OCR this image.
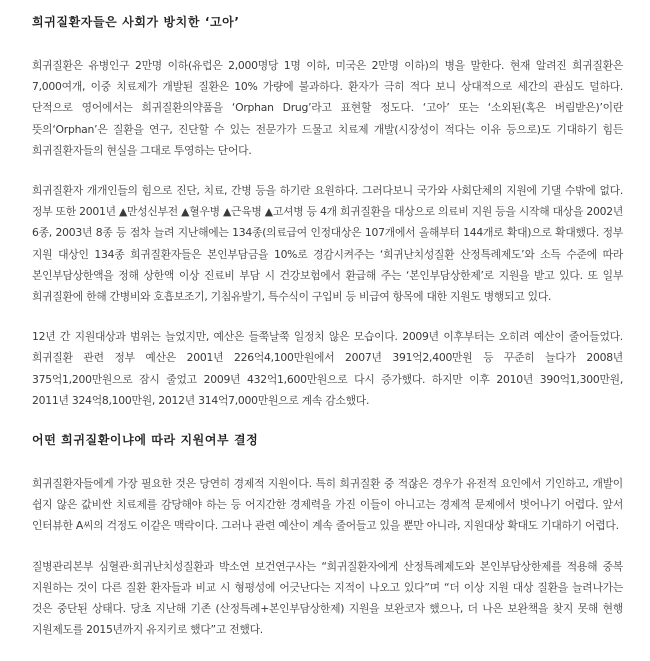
희귀질환자들은 사회가 방치한 ‘고아’

희귀질환은 유병인구 2만명 이하(유럽은 2,000명당 1명 이하, 미국은 2만명 이하)의 병을 말한다. 현재 알려진 희귀질환은 7,000여개, 이중 치료제가 개발된 질환은 10% 가량에 불과하다. 환자가 극히 적다 보니 상대적으로 세간의 관심도 덜하다. 단적으로 영어에서는 희귀질환의약품을 ‘Orphan Drug’라고 표현할 정도다. ‘고아’ 또는 ‘소외된(혹은 버림받은)’이란 뜻의‘Orphan’은 질환을 연구, 진단할 수 있는 전문가가 드물고 치료제 개발(시장성이 적다는 이유 등으로)도 기대하기 힘든 희귀질환자들의 현실을 그대로 투영하는 단어다.

희귀질환자 개개인들의 힘으로 진단, 치료, 간병 등을 하기란 요원하다. 그러다보니 국가와 사회단체의 지원에 기댈 수밖에 없다. 정부 또한 2001년 ▲만성신부전 ▲혈우병 ▲근육병 ▲고셔병 등 4개 희귀질환을 대상으로 의료비 지원 등을 시작해 대상을 2002년 6종, 2003년 8종 등 점차 늘려 지난해에는 134종(의료급여 인정대상은 107개에서 올해부터 144개로 확대)으로 확대했다. 정부 지원 대상인 134종 희귀질환자들은 본인부담금을 10%로 경감시켜주는 ‘희귀난치성질환 산정특례제도’와 소득 수준에 따라 본인부담상한액을 정해 상한액 이상 진료비 부담 시 건강보험에서 환급해 주는 ‘본인부담상한제’로 지원을 받고 있다. 또 일부 희귀질환에 한해 간병비와 호흡보조기, 기침유발기, 특수식이 구입비 등 비급여 항목에 대한 지원도 병행되고 있다.

12년 간 지원대상과 범위는 늘었지만, 예산은 들쭉날쭉 일정치 않은 모습이다. 2009년 이후부터는 오히려 예산이 줄어들었다. 희귀질환 관련 정부 예산은 2001년 226억4,100만원에서 2007년 391억2,400만원 등 꾸준히 늘다가 2008년 375억1,200만원으로 잠시 줄었고 2009년 432억1,600만원으로 다시 증가했다. 하지만 이후 2010년 390억1,300만원, 2011년 324억8,100만원, 2012년 314억7,000만원으로 계속 감소했다.

어떤 희귀질환이냐에 따라 지원여부 결정

희귀질환자들에게 가장 필요한 것은 당연히 경제적 지원이다. 특히 희귀질환 중 적잖은 경우가 유전적 요인에서 기인하고, 개발이 쉽지 않은 값비싼 치료제를 감당해야 하는 등 어지간한 경제력을 가진 이들이 아니고는 경제적 문제에서 벗어나기 어렵다. 앞서 인터뷰한 A씨의 걱정도 이같은 맥락이다. 그러나 관련 예산이 계속 줄어들고 있을 뿐만 아니라, 지원대상 확대도 기대하기 어렵다.

질병관리본부 심혈관·희귀난치성질환과 박소연 보건연구사는 “희귀질환자에게 산정특례제도와 본인부담상한제를 적용해 중복 지원하는 것이 다른 질환 환자들과 비교 시 형평성에 어긋난다는 지적이 나오고 있다”며 “더 이상 지원 대상 질환을 늘려나가는 것은 중단된 상태다. 당초 지난해 기존 (산정특례+본인부담상한제) 지원을 보완코자 했으나, 더 나은 보완책을 찾지 못해 현행 지원제도를 2015년까지 유지키로 했다”고 전했다.
